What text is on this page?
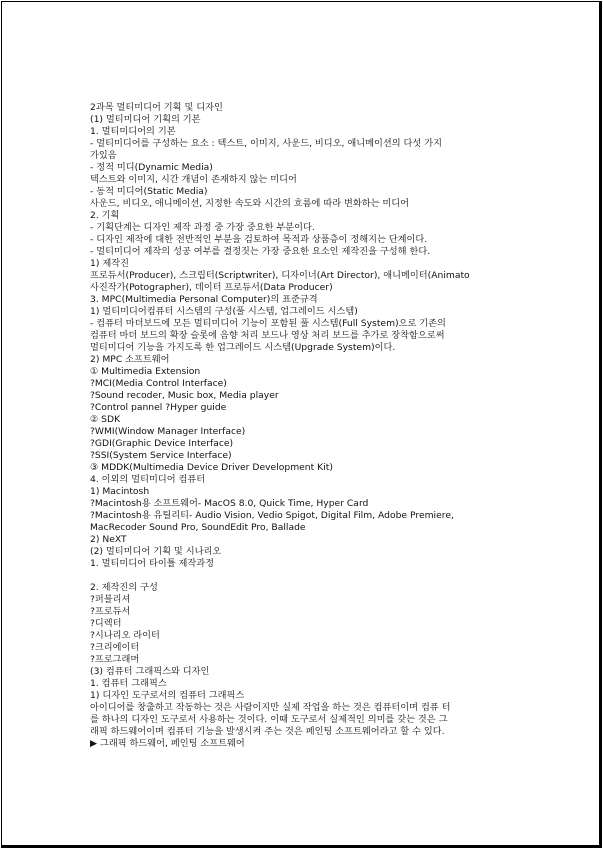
2과목 멀티미디어 기획 및 디자인
(1) 멀티미디어 기획의 기본
1. 멀티미디어의 기본
- 멀티미디어를 구성하는 요소 : 텍스트, 이미지, 사운드, 비디오, 애니메이션의 다섯 가지
가있음
- 정적 미디(Dynamic Media)
텍스트와 이미지, 시간 개념이 존재하지 않는 미디어
- 동적 미디어(Static Media)
사운드, 비디오, 애니메이션, 지정한 속도와 시간의 흐름에 따라 변화하는 미디어
2. 기획
- 기획단계는 디자인 제작 과정 중 가장 중요한 부분이다.
- 디자인 제작에 대한 전반적인 부분을 검토하여 목적과 상품층이 정해지는 단계이다.
- 멀티미디어 제작의 성공 여부를 결정짓는 가장 중요한 요소인 제작진을 구성해 한다.
1) 제작진
프로듀서(Producer), 스크립터(Scriptwriter), 디자이너(Art Director), 애니메이터(Animato
사진작가(Potographer), 데이터 프로듀서(Data Producer)
3. MPC(Multimedia Personal Computer)의 표준규격
1) 멀티미디어컴퓨터 시스템의 구성(풀 시스템, 업그레이드 시스템)
- 컴퓨터 마더보드에 모든 멀티미디어 기능이 포함된 풀 시스템(Full System)으로 기존의
컴퓨터 마더 보드의 확장 슬롯에 음향 처리 보드나 영상 처리 보드를 추가로 장착함으로써
멀티미디어 기능을 가지도록 한 업그레이드 시스템(Upgrade System)이다.
2) MPC 소프트웨어
① Multimedia Extension
?MCI(Media Control Interface)
?Sound recoder, Music box, Media player
?Control pannel ?Hyper guide
② SDK
?WMI(Window Manager Interface)
?GDI(Graphic Device Interface)
?SSI(System Service Interface)
③ MDDK(Multimedia Device Driver Development Kit)
4. 이외의 멀티미디어 컴퓨터
1) Macintosh
?Macintosh용 소프트웨어- MacOS 8.0, Quick Time, Hyper Card
?Macintosh용 유틸리티- Audio Vision, Vedio Spigot, Digital Film, Adobe Premiere,
MacRecoder Sound Pro, SoundEdit Pro, Ballade
2) NeXT
(2) 멀티미디어 기획 및 시나리오
1. 멀티미디어 타이틀 제작과정
2. 제작진의 구성
?퍼블리셔
?프로듀서
?디렉터
?시나리오 라이터
?크리에이터
?프로그래머
(3) 컴퓨터 그래픽스와 디자인
1. 컴퓨터 그래픽스
1) 디자인 도구로서의 컴퓨터 그래픽스
아이디어를 창출하고 작동하는 것은 사람이지만 실제 작업을 하는 것은 컴퓨터이며 컴퓨 터
를 하나의 디자인 도구로서 사용하는 것이다. 이때 도구로서 실제적인 의미를 갖는 것은 그
래픽 하드웨어이며 컴퓨터 기능을 발생시켜 주는 것은 페인팅 소프트웨어라고 할 수 있다.
▶ 그래픽 하드웨어, 페인팅 소프트웨어
